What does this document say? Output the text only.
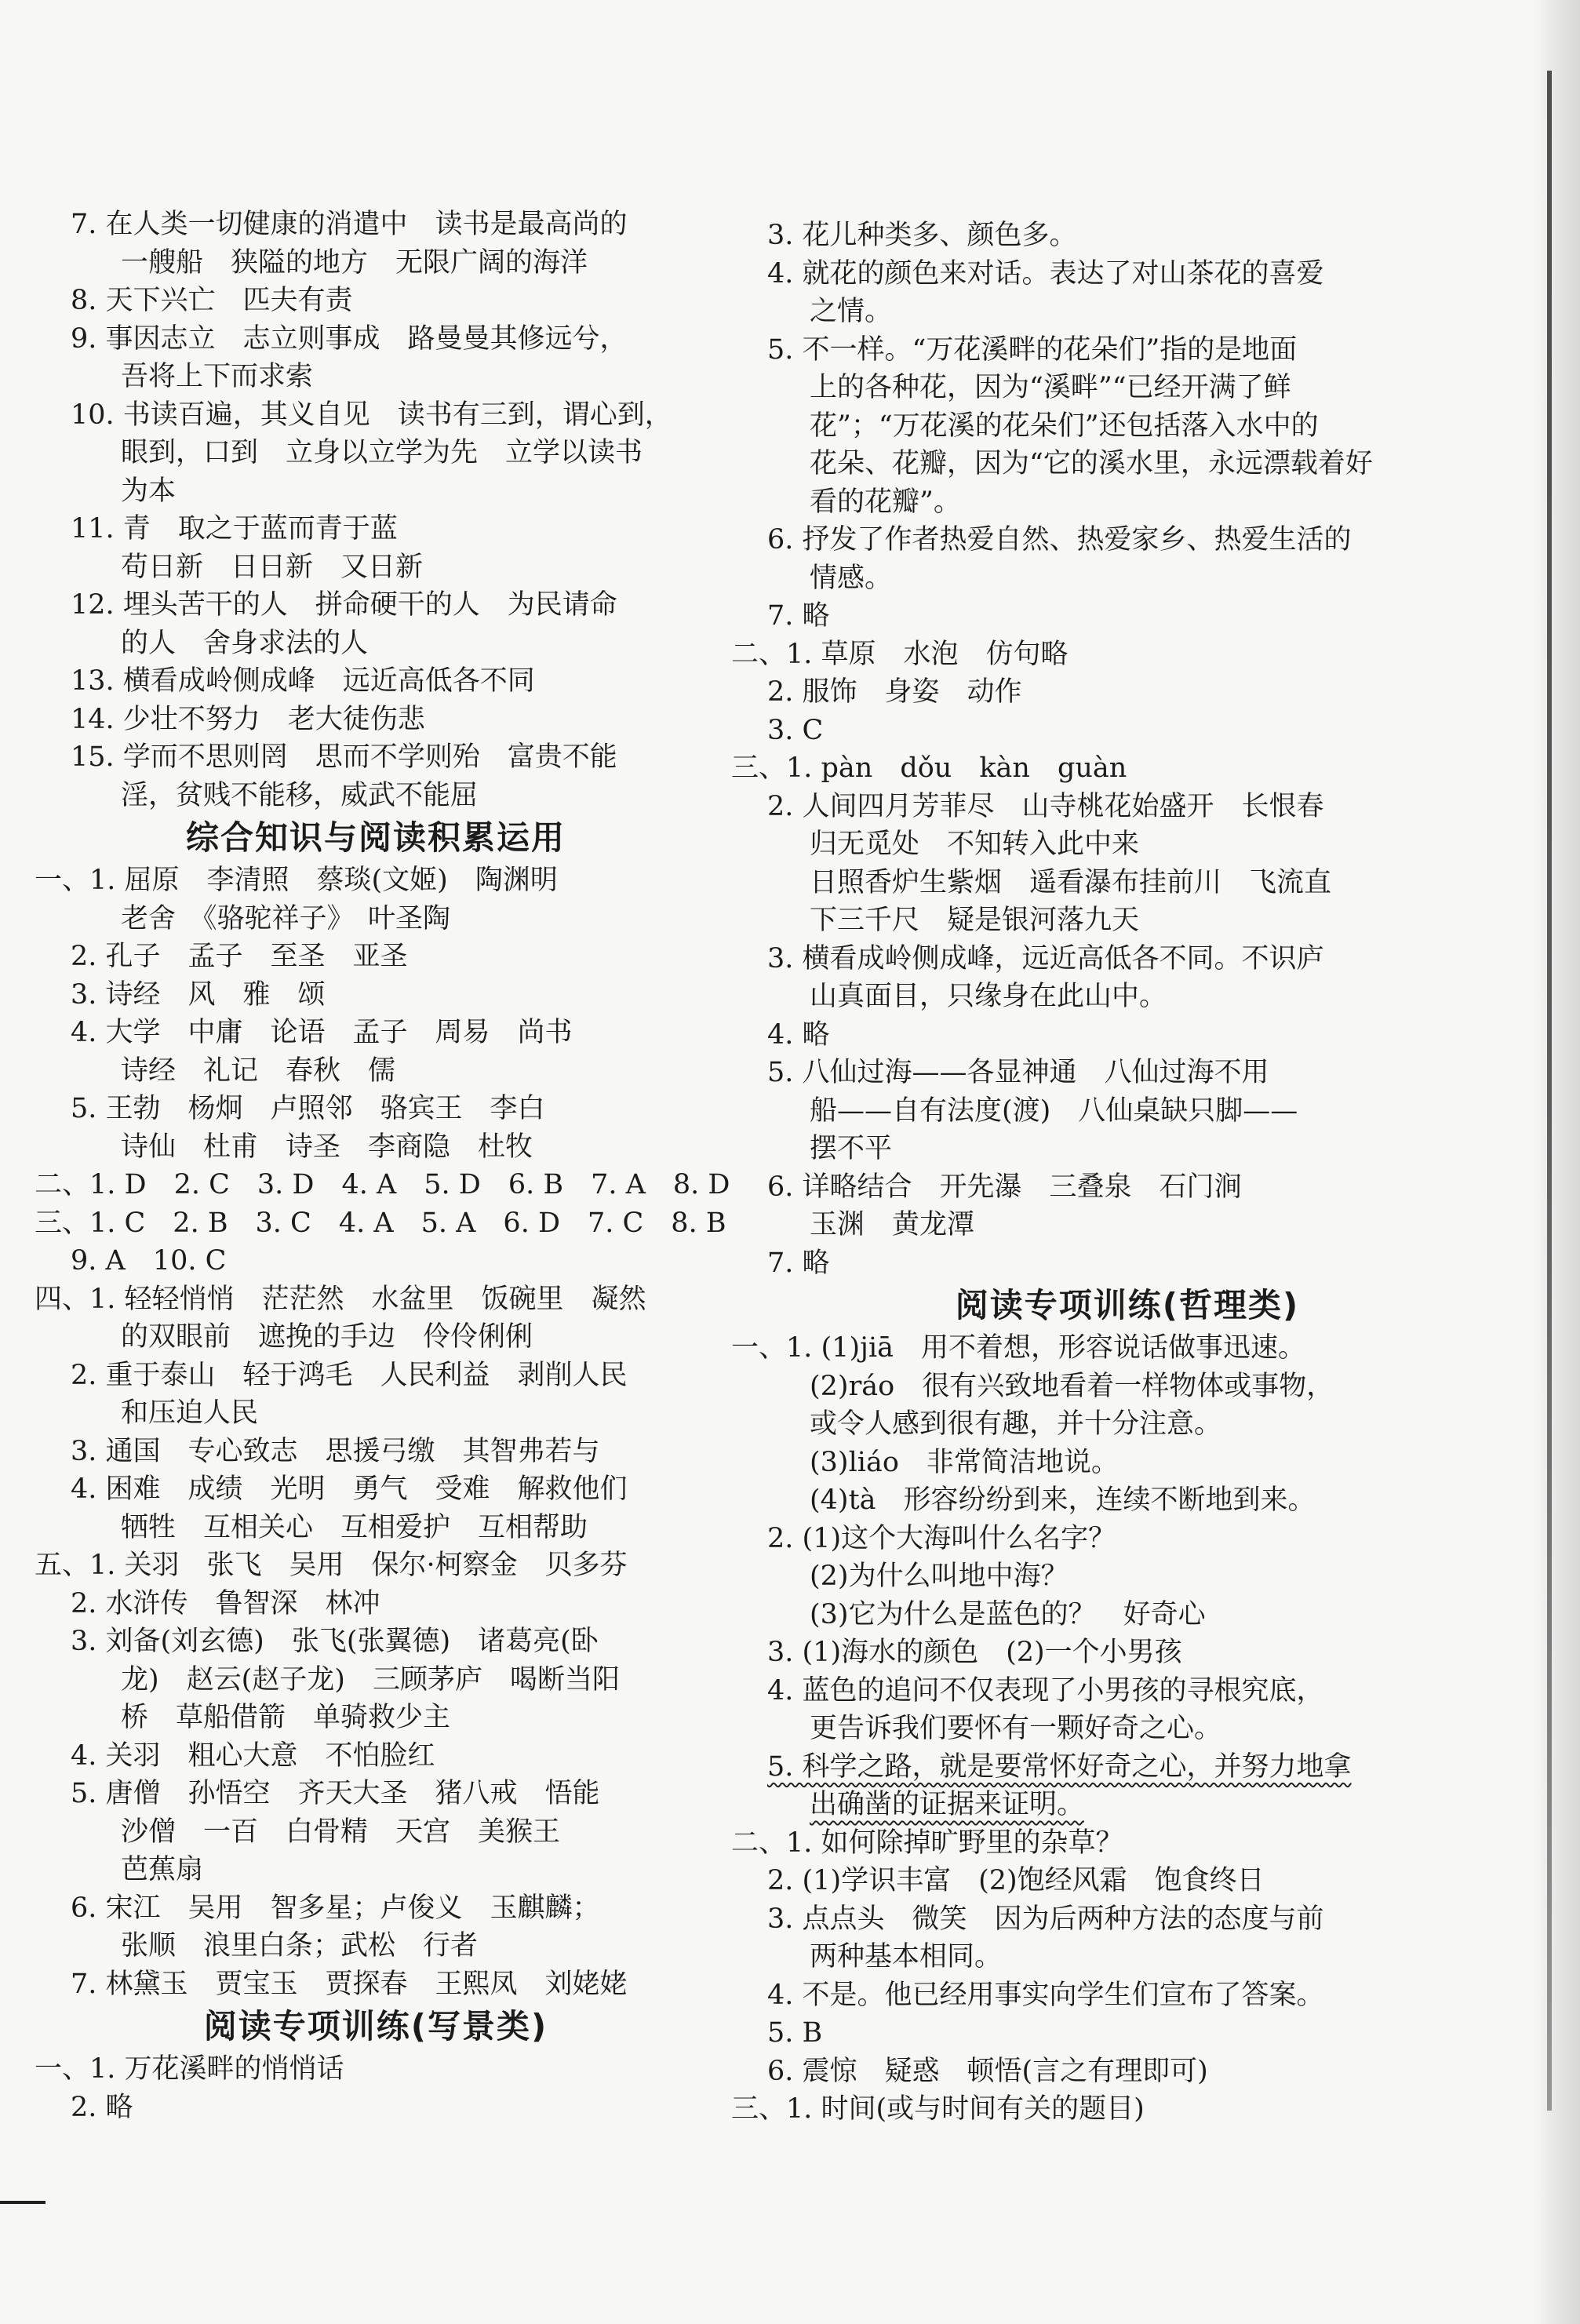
7. 在人类一切健康的消遣中　读书是最高尚的
一艘船　狭隘的地方　无限广阔的海洋
8. 天下兴亡　匹夫有责
9. 事因志立　志立则事成　路曼曼其修远兮，
吾将上下而求索
10. 书读百遍，其义自见　读书有三到，谓心到，
眼到，口到　立身以立学为先　立学以读书
为本
11. 青　取之于蓝而青于蓝
苟日新　日日新　又日新
12. 埋头苦干的人　拼命硬干的人　为民请命
的人　舍身求法的人
13. 横看成岭侧成峰　远近高低各不同
14. 少壮不努力　老大徒伤悲
15. 学而不思则罔　思而不学则殆　富贵不能
淫，贫贱不能移，威武不能屈
综合知识与阅读积累运用
一、1. 屈原　李清照　蔡琰(文姬)　陶渊明
老舍　《骆驼祥子》　叶圣陶
2. 孔子　孟子　至圣　亚圣
3. 诗经　风　雅　颂
4. 大学　中庸　论语　孟子　周易　尚书
诗经　礼记　春秋　儒
5. 王勃　杨炯　卢照邻　骆宾王　李白
诗仙　杜甫　诗圣　李商隐　杜牧
二、1. D　2. C　3. D　4. A　5. D　6. B　7. A　8. D
三、1. C　2. B　3. C　4. A　5. A　6. D　7. C　8. B
9. A　10. C
四、1. 轻轻悄悄　茫茫然　水盆里　饭碗里　凝然
的双眼前　遮挽的手边　伶伶俐俐
2. 重于泰山　轻于鸿毛　人民利益　剥削人民
和压迫人民
3. 通国　专心致志　思援弓缴　其智弗若与
4. 困难　成绩　光明　勇气　受难　解救他们
牺牲　互相关心　互相爱护　互相帮助
五、1. 关羽　张飞　吴用　保尔·柯察金　贝多芬
2. 水浒传　鲁智深　林冲
3. 刘备(刘玄德)　张飞(张翼德)　诸葛亮(卧
龙)　赵云(赵子龙)　三顾茅庐　喝断当阳
桥　草船借箭　单骑救少主
4. 关羽　粗心大意　不怕脸红
5. 唐僧　孙悟空　齐天大圣　猪八戒　悟能
沙僧　一百　白骨精　天宫　美猴王
芭蕉扇
6. 宋江　吴用　智多星；卢俊义　玉麒麟；
张顺　浪里白条；武松　行者
7. 林黛玉　贾宝玉　贾探春　王熙凤　刘姥姥
阅读专项训练(写景类)
一、1. 万花溪畔的悄悄话
2. 略
3. 花儿种类多、颜色多。
4. 就花的颜色来对话。表达了对山茶花的喜爱
之情。
5. 不一样。“万花溪畔的花朵们”指的是地面
上的各种花，因为“溪畔”“已经开满了鲜
花”；“万花溪的花朵们”还包括落入水中的
花朵、花瓣，因为“它的溪水里，永远漂载着好
看的花瓣”。
6. 抒发了作者热爱自然、热爱家乡、热爱生活的
情感。
7. 略
二、1. 草原　水泡　仿句略
2. 服饰　身姿　动作
3. C
三、1. pàn　dǒu　kàn　guàn
2. 人间四月芳菲尽　山寺桃花始盛开　长恨春
归无觅处　不知转入此中来
日照香炉生紫烟　遥看瀑布挂前川　飞流直
下三千尺　疑是银河落九天
3. 横看成岭侧成峰，远近高低各不同。不识庐
山真面目，只缘身在此山中。
4. 略
5. 八仙过海——各显神通　八仙过海不用
船——自有法度(渡)　八仙桌缺只脚——
摆不平
6. 详略结合　开先瀑　三叠泉　石门涧
玉渊　黄龙潭
7. 略
阅读专项训练(哲理类)
一、1. (1)jiā　用不着想，形容说话做事迅速。
(2)ráo　很有兴致地看着一样物体或事物，
或令人感到很有趣，并十分注意。
(3)liáo　非常简洁地说。
(4)tà　形容纷纷到来，连续不断地到来。
2. (1)这个大海叫什么名字？
(2)为什么叫地中海？
(3)它为什么是蓝色的？　好奇心
3. (1)海水的颜色　(2)一个小男孩
4. 蓝色的追问不仅表现了小男孩的寻根究底，
更告诉我们要怀有一颗好奇之心。
5. 科学之路，就是要常怀好奇之心，并努力地拿
出确凿的证据来证明。
二、1. 如何除掉旷野里的杂草？
2. (1)学识丰富　(2)饱经风霜　饱食终日
3. 点点头　微笑　因为后两种方法的态度与前
两种基本相同。
4. 不是。他已经用事实向学生们宣布了答案。
5. B
6. 震惊　疑惑　顿悟(言之有理即可)
三、1. 时间(或与时间有关的题目)
